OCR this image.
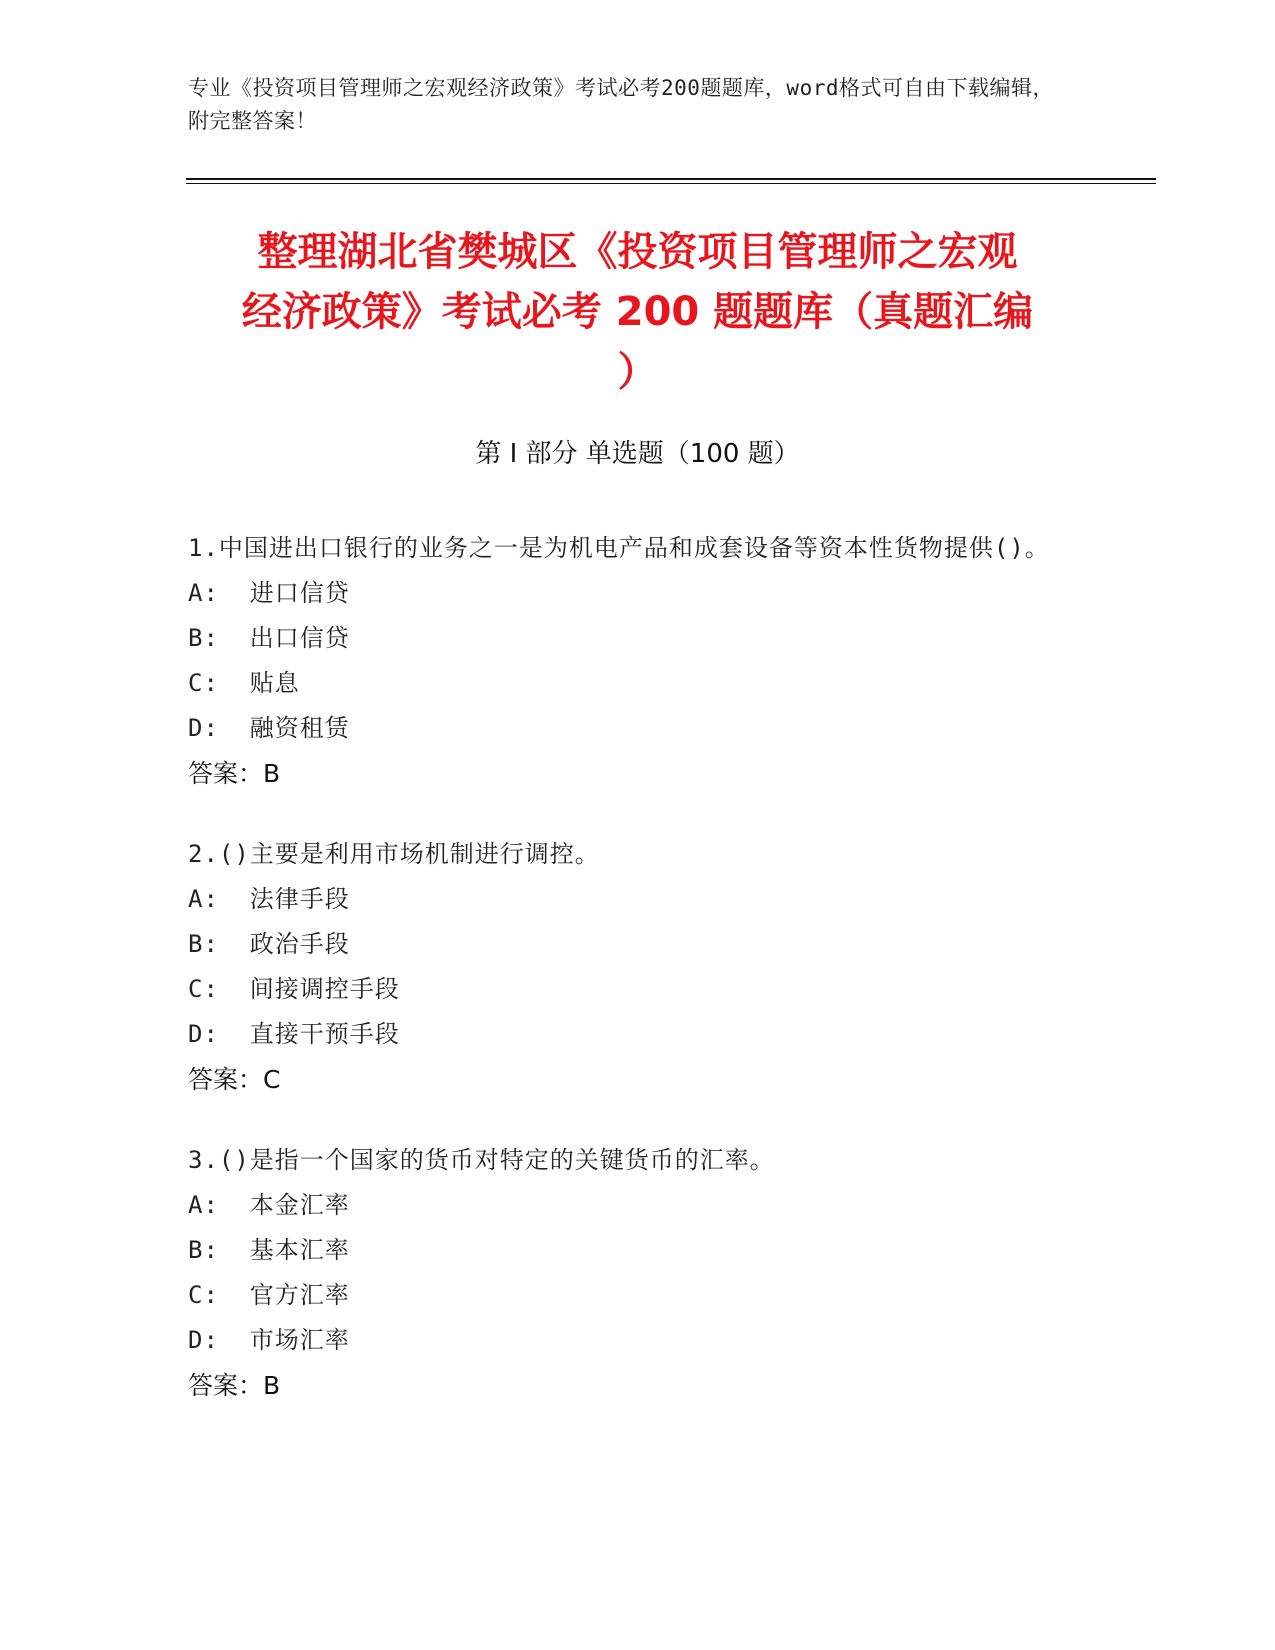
专业《投资项目管理师之宏观经济政策》考试必考200题题库，word格式可自由下载编辑，附完整答案！
整理湖北省樊城区《投资项目管理师之宏观
经济政策》考试必考 200 题题库（真题汇编
）
第 I 部分 单选题（100 题）
1.中国进出口银行的业务之一是为机电产品和成套设备等资本性货物提供()。
A:  进口信贷
B:  出口信贷
C:  贴息
D:  融资租赁
答案：B
2.()主要是利用市场机制进行调控。
A:  法律手段
B:  政治手段
C:  间接调控手段
D:  直接干预手段
答案：C
3.()是指一个国家的货币对特定的关键货币的汇率。
A:  本金汇率
B:  基本汇率
C:  官方汇率
D:  市场汇率
答案：B
